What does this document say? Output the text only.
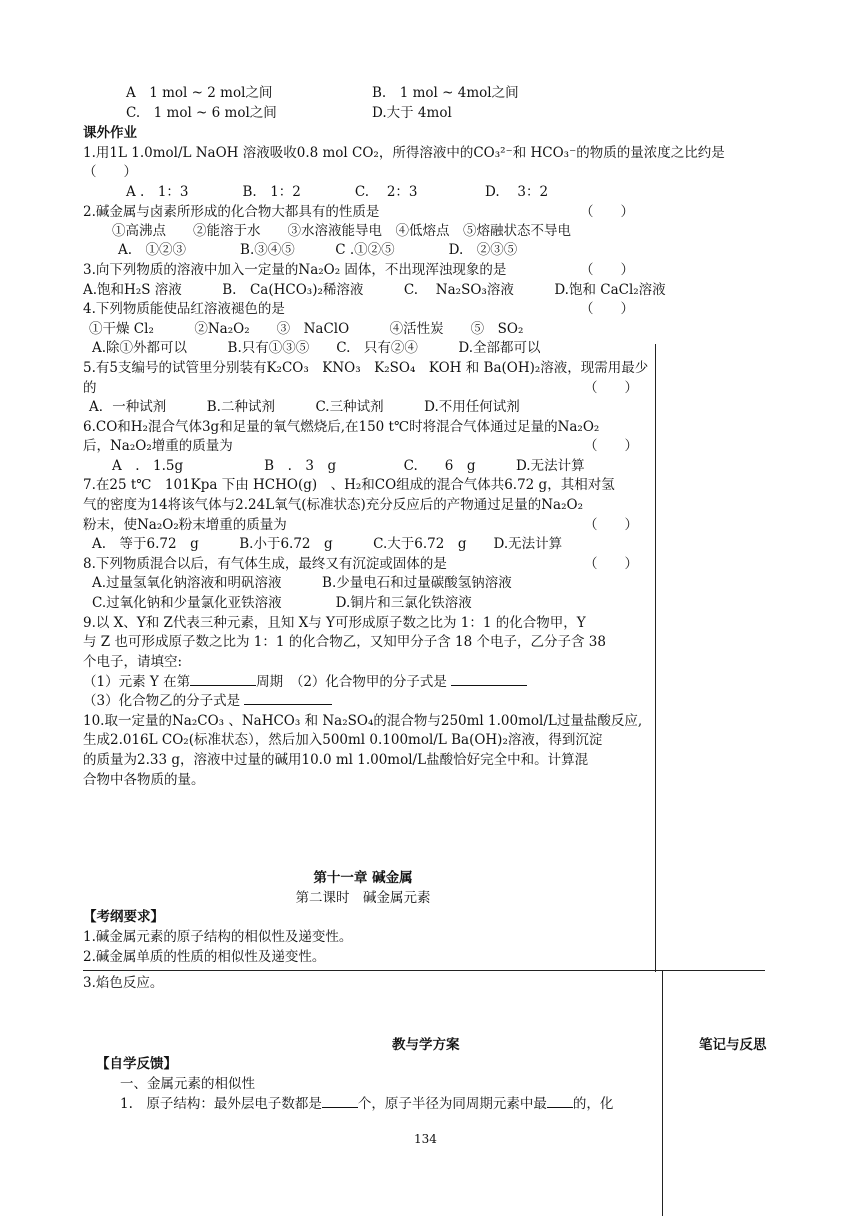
A　1 mol ~ 2 mol之间	B.　1 mol ~ 4mol之间
C.　1 mol ~ 6 mol之间	D.大于 4mol
课外作业
1.用1L 1.0mol/L NaOH 溶液吸收0.8 mol CO₂，所得溶液中的CO₃²⁻和 HCO₃⁻的物质的量浓度之比约是
（　　）
A .　1：3　　　　B.　1：2　　　　C.　 2：3　　　　　D.　 3：2
2.碱金属与卤素所形成的化合物大都具有的性质是	（　　）
①高沸点　　②能溶于水　　③水溶液能导电　④低熔点　⑤熔融状态不导电
A.　①②③　　　　B.③④⑤　　　C .①②⑤　　　　D.　②③⑤
3.向下列物质的溶液中加入一定量的Na₂O₂ 固体，不出现浑浊现象的是	（　　）
A.饱和H₂S 溶液　　　B.　Ca(HCO₃)₂稀溶液　　　C.　 Na₂SO₃溶液　　　D.饱和 CaCl₂溶液
4.下列物质能使品红溶液褪色的是	（　　）
①干燥 Cl₂　　　②Na₂O₂　　③　NaClO　　　④活性炭　　⑤　SO₂
A.除①外都可以　　　B.只有①③⑤　　C.　只有②④　　　D.全部都可以
5.有5支编号的试管里分别装有K₂CO₃　KNO₃　K₂SO₄　KOH 和 Ba(OH)₂溶液，现需用最少
的	（　　）
A．一种试剂　　　B.二种试剂　　　C.三种试剂　　　D.不用任何试剂
6.CO和H₂混合气体3g和足量的氧气燃烧后,在150 t℃时将混合气体通过足量的Na₂O₂
后，Na₂O₂增重的质量为	（　　）
A　.　1.5g　　　　　　B　.　3　g　　　　　C.　　6　g　　　D.无法计算
7.在25 t℃　101Kpa 下由 HCHO(g)　、H₂和CO组成的混合气体共6.72 g，其相对氢
气的密度为14将该气体与2.24L氧气(标准状态)充分反应后的产物通过足量的Na₂O₂
粉末，使Na₂O₂粉末增重的质量为	（　　）
A.　等于6.72　g　　　B.小于6.72　g　　　C.大于6.72　g　　D.无法计算
8.下列物质混合以后，有气体生成，最终又有沉淀或固体的是	（　　）
A.过量氢氧化钠溶液和明矾溶液　　　B.少量电石和过量碳酸氢钠溶液
C.过氧化钠和少量氯化亚铁溶液　　　　D.铜片和三氯化铁溶液
9.以 X、Y和 Z代表三种元素，且知 X与 Y可形成原子数之比为 1：1 的化合物甲，Y
与 Z 也可形成原子数之比为 1：1 的化合物乙，又知甲分子含 18 个电子，乙分子含 38
个电子，请填空:
（1）元素 Y 在第	周期　（2）化合物甲的分子式是
（3）化合物乙的分子式是
10.取一定量的Na₂CO₃ 、NaHCO₃ 和 Na₂SO₄的混合物与250ml 1.00mol/L过量盐酸反应,
生成2.016L CO₂(标准状态），然后加入500ml 0.100mol/L Ba(OH)₂溶液，得到沉淀
的质量为2.33 g，溶液中过量的碱用10.0 ml 1.00mol/L盐酸恰好完全中和。计算混
合物中各物质的量。
第十一章 碱金属
第二课时　碱金属元素
【考纲要求】
1.碱金属元素的原子结构的相似性及递变性。
2.碱金属单质的性质的相似性及递变性。
3.焰色反应。
教与学方案	笔记与反思
【自学反馈】
一、金属元素的相似性
1.　原子结构：最外层电子数都是	个，原子半径为同周期元素中最 的，化
134
